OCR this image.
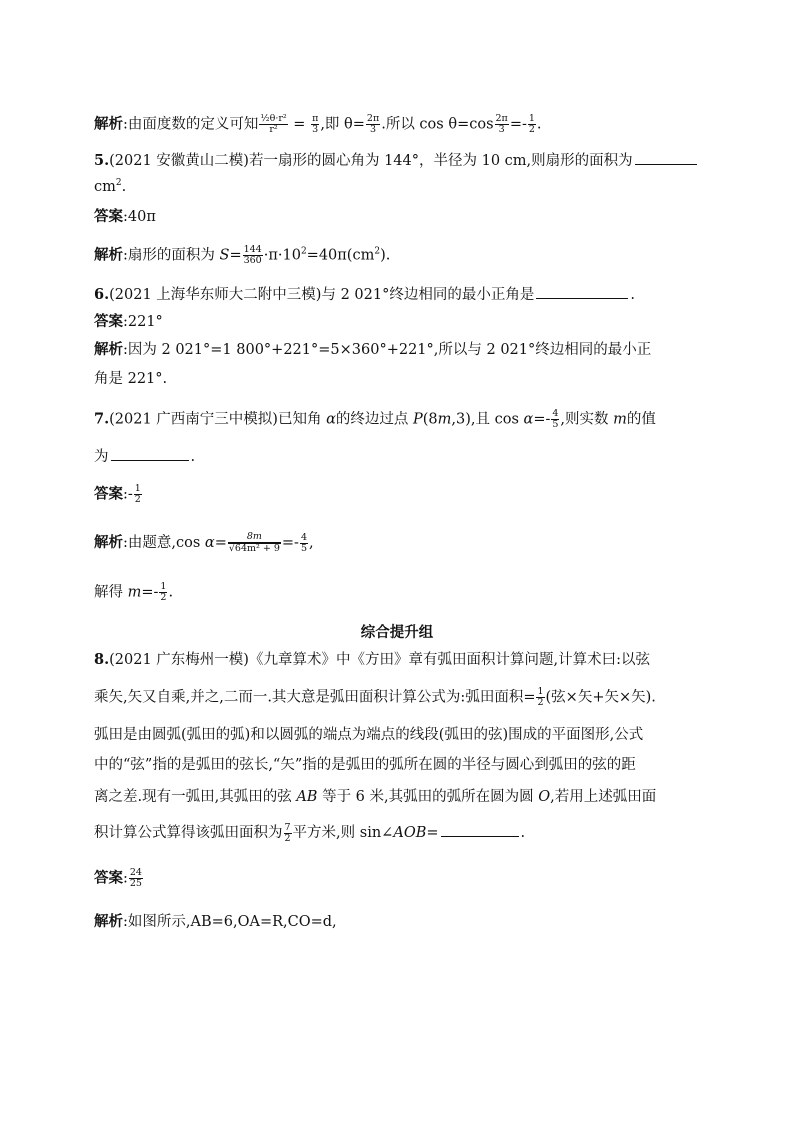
解析:由面度数的定义可知 $\frac{\text{½θ·r²}}{\text{r²}} = \frac{\pi}{3}$ ,即 $\theta= \frac{2\pi}{3}$ .所以 $\cos \theta=\cos \frac{2\pi}{3} =- \frac{1}{2}$ .
5.(2021 安徽黄山二模)若一扇形的圆心角为 144°，半径为 10 cm,则扇形的面积为
$cm^2$.
答案:40π
解析:扇形的面积为 $S= \frac{144}{360} \cdot\pi\cdot 10^2=40\pi(cm^2)$.
6.(2021 上海华东师大二附中三模)与 2 021°终边相同的最小正角是	.
答案:221°
解析:因为 2 021°=1 800°+221°=5×360°+221°,所以与 2 021°终边相同的最小正
角是 221°.
7.(2021 广西南宁三中模拟)已知角 α的终边过点 P(8m,3),且 $\cos \alpha=- \frac{4}{5}$ ,则实数 m的值
为	.
答案:- $\frac{1}{2}$
解析:由题意,cos $\alpha= \frac{8m}{\text{√64m² + 9}} =- \frac{4}{5}$ ,
解得 $m=- \frac{1}{2}$ .
综合提升组
8.(2021 广东梅州一模)《九章算术》中《方田》章有弧田面积计算问题,计算术曰:以弦
乘矢,矢又自乘,并之,二而一.其大意是弧田面积计算公式为:弧田面积= $\frac{1}{2}$ (弦×矢+矢×矢).
弧田是由圆弧(弧田的弧)和以圆弧的端点为端点的线段(弧田的弦)围成的平面图形,公式
中的“弦”指的是弧田的弦长,“矢”指的是弧田的弧所在圆的半径与圆心到弧田的弦的距
离之差.现有一弧田,其弧田的弦 AB 等于 6 米,其弧田的弧所在圆为圆 O,若用上述弧田面
积计算公式算得该弧田面积为 $\frac{7}{2}$ 平方米,则 sin∠AOB=	.
答案: $\frac{24}{25}$
解析:如图所示,AB=6,OA=R,CO=d,
